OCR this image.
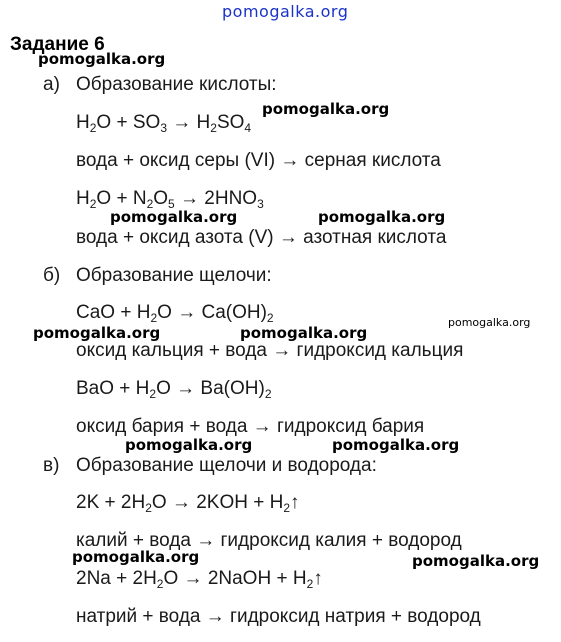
pomogalka.org
pomogalka.org
pomogalka.org
pomogalka.org	pomogalka.org
pomogalka.org	pomogalka.org
pomogalka.org
pomogalka.org	pomogalka.org
pomogalka.org	pomogalka.org
Задание 6
а) Образование кислоты:
$H_2O + SO_3 \to H_2SO_4$
вода + оксид серы (VI) → серная кислота
$H_2O + N_2O_5 \to 2HNO_3$
вода + оксид азота (V) → азотная кислота
б) Образование щелочи:
CaO + $H_2O \to Ca(OH)_2$
оксид кальция + вода → гидроксид кальция
BaO + $H_2O \to Ba(OH)_2$
оксид бария + вода → гидроксид бария
в) Образование щелочи и водорода:
$2K + 2H_2O \to 2KOH$ + $H_2↑$
калий + вода → гидроксид калия + водород
$2Na + 2H_2O$ → 2NaOH + $H_2↑$
натрий + вода → гидроксид натрия + водород
